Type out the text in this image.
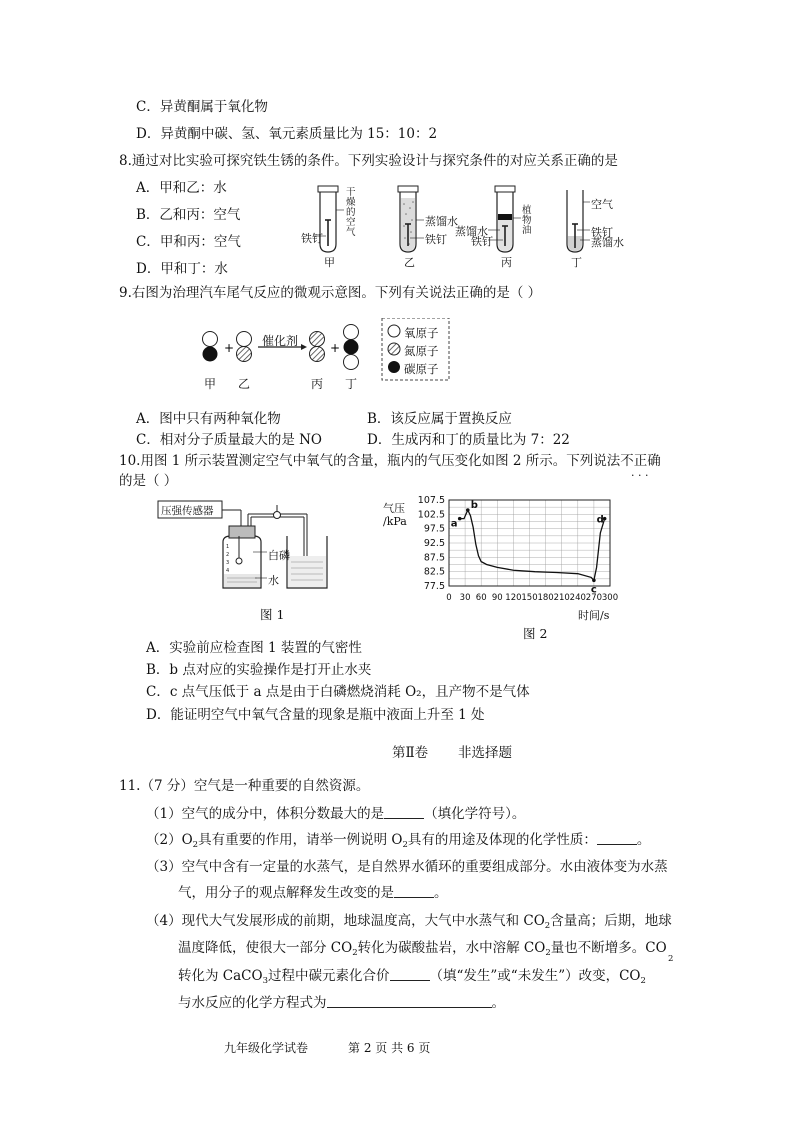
C．异黄酮属于氧化物
D．异黄酮中碳、氢、氧元素质量比为 15：10：2
8.通过对比实验可探究铁生锈的条件。下列实验设计与探究条件的对应关系正确的是
A．甲和乙：水
B．乙和丙：空气
C．甲和丙：空气
D．甲和丁：水
干燥的空气
铁钉
蒸馏水
铁钉
蒸馏水
铁钉
植物油
空气
铁钉
蒸馏水
甲	乙	丙	丁
9.右图为治理汽车尾气反应的微观示意图。下列有关说法正确的是（ ）
+	+
催化剂
氧原子
氮原子
碳原子
甲 乙	丙 丁
A．图中只有两种氧化物	B．该反应属于置换反应
C．相对分子质量最大的是 NO	D．生成丙和丁的质量比为 7：22
10.用图 1 所示装置测定空气中氧气的含量，瓶内的气压变化如图 2 所示。下列说法不正确
· · ·
的是（ ）
1
2
3
4
压强传感器
白磷
水
图 1
107.5
102.5
97.5
92.5
87.5
82.5
77.5
0 30 60 90 120 150 180 210 240 270 300
a
b
c
d
气压
/kPa
时间/s
图 2
A．实验前应检查图 1 装置的气密性
B．b 点对应的实验操作是打开止水夹
C．c 点气压低于 a 点是由于白磷燃烧消耗 O₂，且产物不是气体
D．能证明空气中氧气含量的现象是瓶中液面上升至 1 处
第Ⅱ卷 非选择题
11.（7 分）空气是一种重要的自然资源。
（1）空气的成分中，体积分数最大的是	（填化学符号）。
$(2)O_2$具有重要的作用，请举一例说明 $O_2$具有的用途及体现的化学性质：	。
（3）空气中含有一定量的水蒸气，是自然界水循环的重要组成部分。水由液体变为水蒸
气，用分子的观点解释发生改变的是	。
（4）现代大气发展形成的前期，地球温度高，大气中水蒸气和 $CO_2$含量高；后期，地球
温度降低，使很大一部分 $CO_2$转化为碳酸盐岩，水中溶解 $CO_2$量也不断增多。CO
2
转化为 CaCO$_3$过程中碳元素化合价	（填“发生”或“未发生”）改变，$CO_2$
与水反应的化学方程式为	。
九年级化学试卷	第 2 页 共 6 页
